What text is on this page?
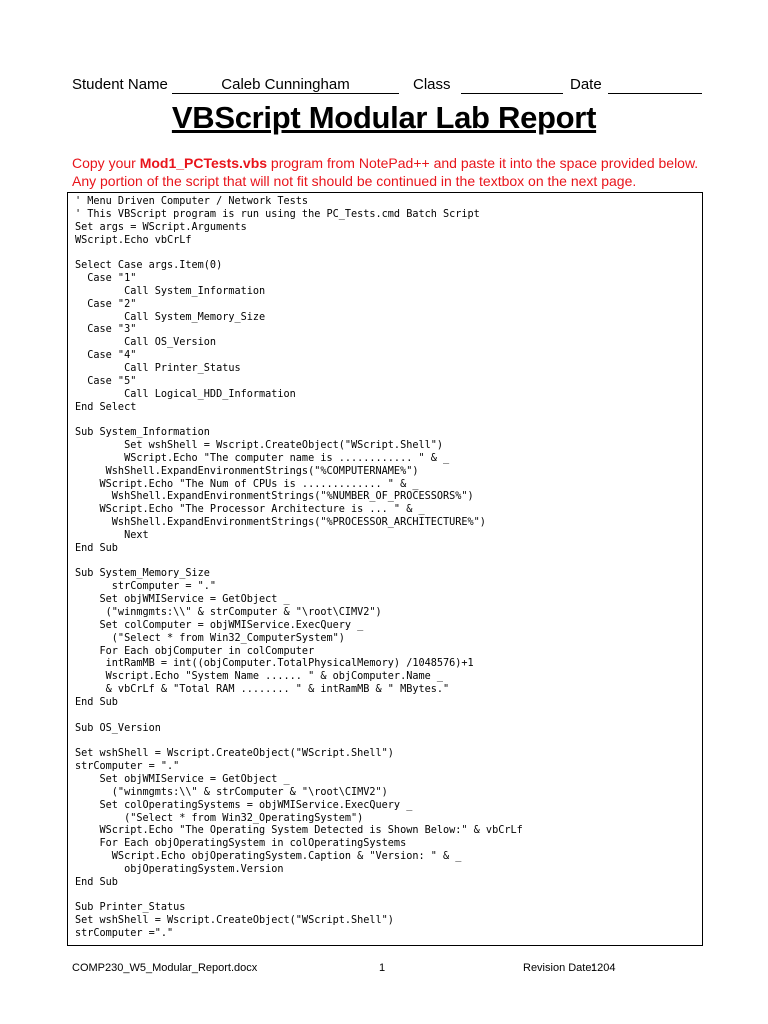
Student Name	Caleb Cunningham	Class	Date
VBScript Modular Lab Report
Copy your Mod1_PCTests.vbs program from NotePad++ and paste it into the space provided below.
Any portion of the script that will not fit should be continued in the textbox on the next page.
' Menu Driven Computer / Network Tests
' This VBScript program is run using the PC_Tests.cmd Batch Script
Set args = WScript.Arguments
WScript.Echo vbCrLf

Select Case args.Item(0)
Case "1"
Call System_Information
Case "2"
Call System_Memory_Size
Case "3"
Call OS_Version
Case "4"
Call Printer_Status
Case "5"
Call Logical_HDD_Information
End Select

Sub System_Information
Set wshShell = Wscript.CreateObject("WScript.Shell")
WScript.Echo "The computer name is ............ " & _
WshShell.ExpandEnvironmentStrings("%COMPUTERNAME%")
WScript.Echo "The Num of CPUs is ............. " & _
WshShell.ExpandEnvironmentStrings("%NUMBER_OF_PROCESSORS%")
WScript.Echo "The Processor Architecture is ... " & _
WshShell.ExpandEnvironmentStrings("%PROCESSOR_ARCHITECTURE%")
Next
End Sub

Sub System_Memory_Size
strComputer = "."
Set objWMIService = GetObject _
("winmgmts:\\" & strComputer & "\root\CIMV2")
Set colComputer = objWMIService.ExecQuery _
("Select * from Win32_ComputerSystem")
For Each objComputer in colComputer
intRamMB = int((objComputer.TotalPhysicalMemory) /1048576)+1
Wscript.Echo "System Name ...... " & objComputer.Name _
& vbCrLf & "Total RAM ........ " & intRamMB & " MBytes."
End Sub

Sub OS_Version

Set wshShell = Wscript.CreateObject("WScript.Shell")
strComputer = "."
Set objWMIService = GetObject _
("winmgmts:\\" & strComputer & "\root\CIMV2")
Set colOperatingSystems = objWMIService.ExecQuery _
("Select * from Win32_OperatingSystem")
WScript.Echo "The Operating System Detected is Shown Below:" & vbCrLf
For Each objOperatingSystem in colOperatingSystems
WScript.Echo objOperatingSystem.Caption & "Version: " & _
objOperatingSystem.Version
End Sub

Sub Printer_Status
Set wshShell = Wscript.CreateObject("WScript.Shell")
strComputer ="."
COMP230_W5_Modular_Report.docx	1	Revision Date:
1204
